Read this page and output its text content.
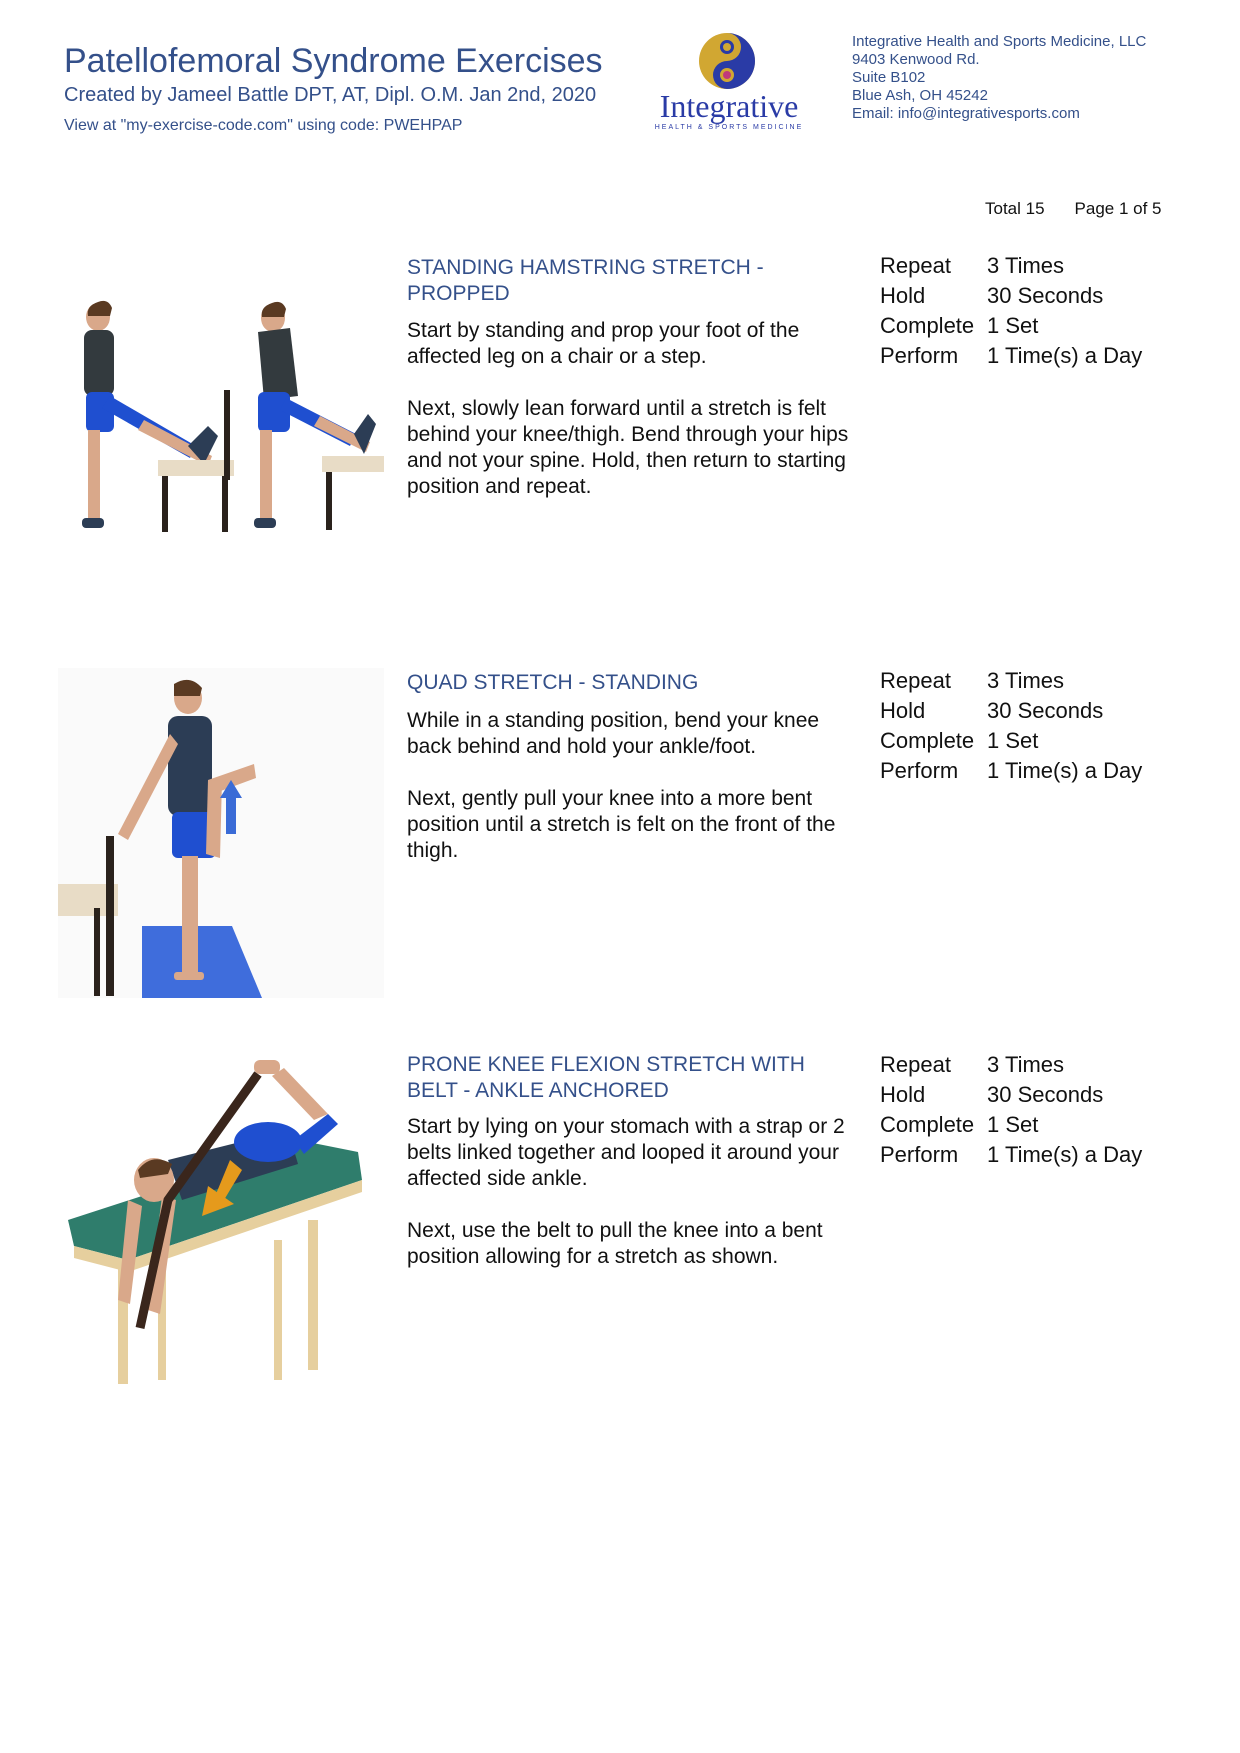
Patellofemoral Syndrome Exercises
Created by Jameel Battle DPT, AT, Dipl. O.M. Jan 2nd, 2020
View at "my-exercise-code.com" using code: PWEHPAP
Integrative
HEALTH & SPORTS MEDICINE
Integrative Health and Sports Medicine, LLC
9403 Kenwood Rd.
Suite B102
Blue Ash, OH 45242
Email: info@integrativesports.com
Total 15 Page 1 of 5
STANDING HAMSTRING STRETCH - PROPPED

Start by standing and prop your foot of the affected leg on a chair or a step.

Next, slowly lean forward until a stretch is felt behind your knee/thigh. Bend through your hips and not your spine. Hold, then return to starting position and repeat.

Repeat	3 Times
Hold	30 Seconds
Complete 1 Set
Perform	1 Time(s) a Day
QUAD STRETCH - STANDING

While in a standing position, bend your knee back behind and hold your ankle/foot.

Next, gently pull your knee into a more bent position until a stretch is felt on the front of the thigh.

Repeat	3 Times
Hold	30 Seconds
Complete 1 Set
Perform	1 Time(s) a Day
PRONE KNEE FLEXION STRETCH WITH BELT - ANKLE ANCHORED

Start by lying on your stomach with a strap or 2 belts linked together and looped it around your affected side ankle.

Next, use the belt to pull the knee into a bent position allowing for a stretch as shown.

Repeat	3 Times
Hold	30 Seconds
Complete 1 Set
Perform	1 Time(s) a Day
